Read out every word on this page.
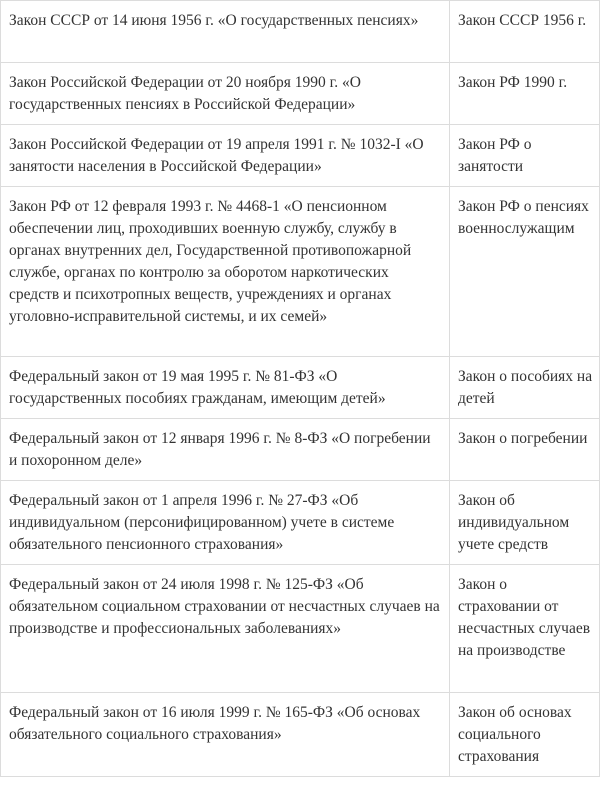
Закон СССР от 14 июня 1956 г. «О государственных пенсиях»	Закон СССР 1956 г.
Закон Российской Федерации от 20 ноября 1990 г. «О государственных пенсиях в Российской Федерации»	Закон РФ 1990 г.
Закон Российской Федерации от 19 апреля 1991 г. № 1032-I «О занятости населения в Российской Федерации»	Закон РФ о занятости
Закон РФ от 12 февраля 1993 г. № 4468-1 «О пенсионном обеспечении лиц, проходивших военную службу, службу в органах внутренних дел, Государственной противопожарной службе, органах по контролю за оборотом наркотических средств и психотропных веществ, учреждениях и органах уголовно-исправительной системы, и их семей»	Закон РФ о пенсиях военнослужащим
Федеральный закон от 19 мая 1995 г. № 81-ФЗ «О государственных пособиях гражданам, имеющим детей»	Закон о пособиях на детей
Федеральный закон от 12 января 1996 г. № 8-ФЗ «О погребении и похоронном деле»	Закон о погребении
Федеральный закон от 1 апреля 1996 г. № 27-ФЗ «Об индивидуальном (персонифицированном) учете в системе обязательного пенсионного страхования»	Закон об индивидуальном учете средств
Федеральный закон от 24 июля 1998 г. № 125-ФЗ «Об обязательном социальном страховании от несчастных случаев на производстве и профессиональных заболеваниях»	Закон о страховании от несчастных случаев на производстве
Федеральный закон от 16 июля 1999 г. № 165-ФЗ «Об основах обязательного социального страхования»	Закон об основах социального страхования
